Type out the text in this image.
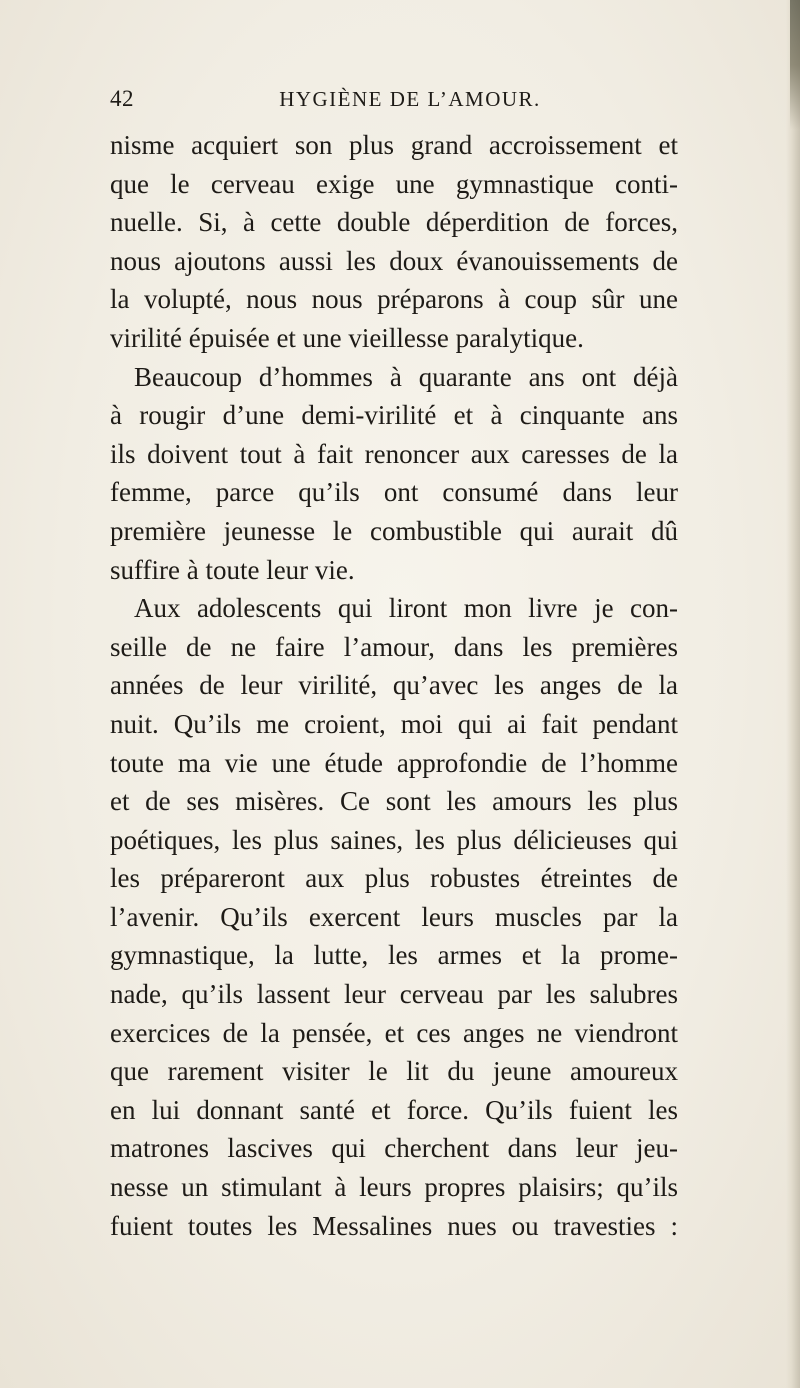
42	HYGIÈNE DE L’AMOUR.
nisme acquiert son plus grand accroissement et
que le cerveau exige une gymnastique conti-
nuelle. Si, à cette double déperdition de forces,
nous ajoutons aussi les doux évanouissements de
la volupté, nous nous préparons à coup sûr une
virilité épuisée et une vieillesse paralytique.
Beaucoup d’hommes à quarante ans ont déjà
à rougir d’une demi-virilité et à cinquante ans
ils doivent tout à fait renoncer aux caresses de la
femme, parce qu’ils ont consumé dans leur
première jeunesse le combustible qui aurait dû
suffire à toute leur vie.
Aux adolescents qui liront mon livre je con-
seille de ne faire l’amour, dans les premières
années de leur virilité, qu’avec les anges de la
nuit. Qu’ils me croient, moi qui ai fait pendant
toute ma vie une étude approfondie de l’homme
et de ses misères. Ce sont les amours les plus
poétiques, les plus saines, les plus délicieuses qui
les prépareront aux plus robustes étreintes de
l’avenir. Qu’ils exercent leurs muscles par la
gymnastique, la lutte, les armes et la prome-
nade, qu’ils lassent leur cerveau par les salubres
exercices de la pensée, et ces anges ne viendront
que rarement visiter le lit du jeune amoureux
en lui donnant santé et force. Qu’ils fuient les
matrones lascives qui cherchent dans leur jeu-
nesse un stimulant à leurs propres plaisirs; qu’ils
fuient toutes les Messalines nues ou travesties :
